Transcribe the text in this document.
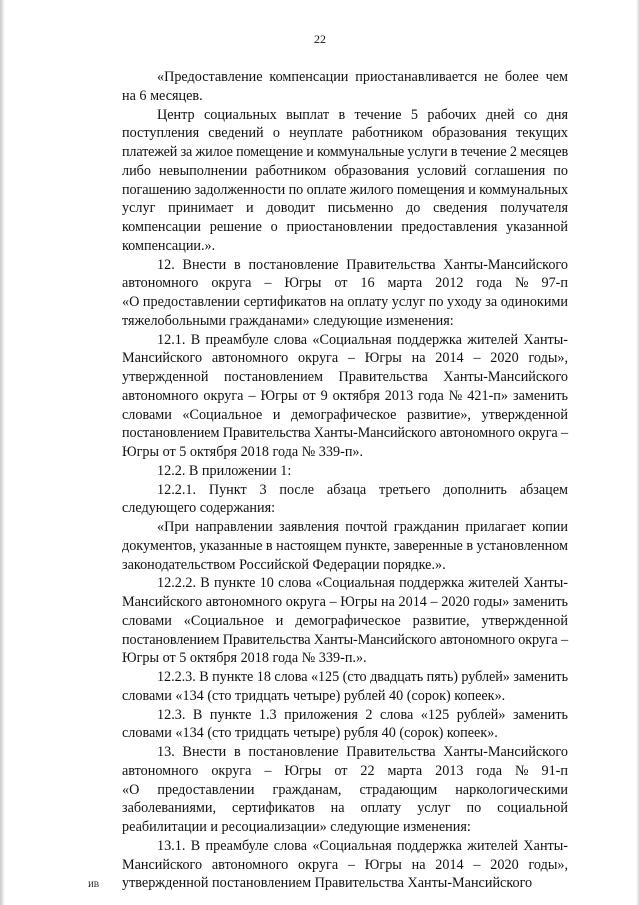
22
«Предоставление компенсации приостанавливается не более чем
на 6 месяцев.
Центр социальных выплат в течение 5 рабочих дней со дня
поступления сведений о неуплате работником образования текущих
платежей за жилое помещение и коммунальные услуги в течение 2 месяцев
либо невыполнении работником образования условий соглашения по
погашению задолженности по оплате жилого помещения и коммунальных
услуг принимает и доводит письменно до сведения получателя
компенсации решение о приостановлении предоставления указанной
компенсации.».
12. Внести в постановление Правительства Ханты-Мансийского
автономного округа – Югры от 16 марта 2012 года № 97-п
«О предоставлении сертификатов на оплату услуг по уходу за одинокими
тяжелобольными гражданами» следующие изменения:
12.1. В преамбуле слова «Социальная поддержка жителей Ханты-
Мансийского автономного округа – Югры на 2014 – 2020 годы»,
утвержденной постановлением Правительства Ханты-Мансийского
автономного округа – Югры от 9 октября 2013 года № 421-п» заменить
словами «Социальное и демографическое развитие», утвержденной
постановлением Правительства Ханты-Мансийского автономного округа –
Югры от 5 октября 2018 года № 339-п».
12.2. В приложении 1:
12.2.1. Пункт 3 после абзаца третьего дополнить абзацем
следующего содержания:
«При направлении заявления почтой гражданин прилагает копии
документов, указанные в настоящем пункте, заверенные в установленном
законодательством Российской Федерации порядке.».
12.2.2. В пункте 10 слова «Социальная поддержка жителей Ханты-
Мансийского автономного округа – Югры на 2014 – 2020 годы» заменить
словами «Социальное и демографическое развитие, утвержденной
постановлением Правительства Ханты-Мансийского автономного округа –
Югры от 5 октября 2018 года № 339-п.».
12.2.3. В пункте 18 слова «125 (сто двадцать пять) рублей» заменить
словами «134 (сто тридцать четыре) рублей 40 (сорок) копеек».
12.3. В пункте 1.3 приложения 2 слова «125 рублей» заменить
словами «134 (сто тридцать четыре) рубля 40 (сорок) копеек».
13. Внести в постановление Правительства Ханты-Мансийского
автономного округа – Югры от 22 марта 2013 года № 91-п
«О предоставлении гражданам, страдающим наркологическими
заболеваниями, сертификатов на оплату услуг по социальной
реабилитации и ресоциализации» следующие изменения:
13.1. В преамбуле слова «Социальная поддержка жителей Ханты-
Мансийского автономного округа – Югры на 2014 – 2020 годы»,
утвержденной постановлением Правительства Ханты-Мансийского
ИВ
